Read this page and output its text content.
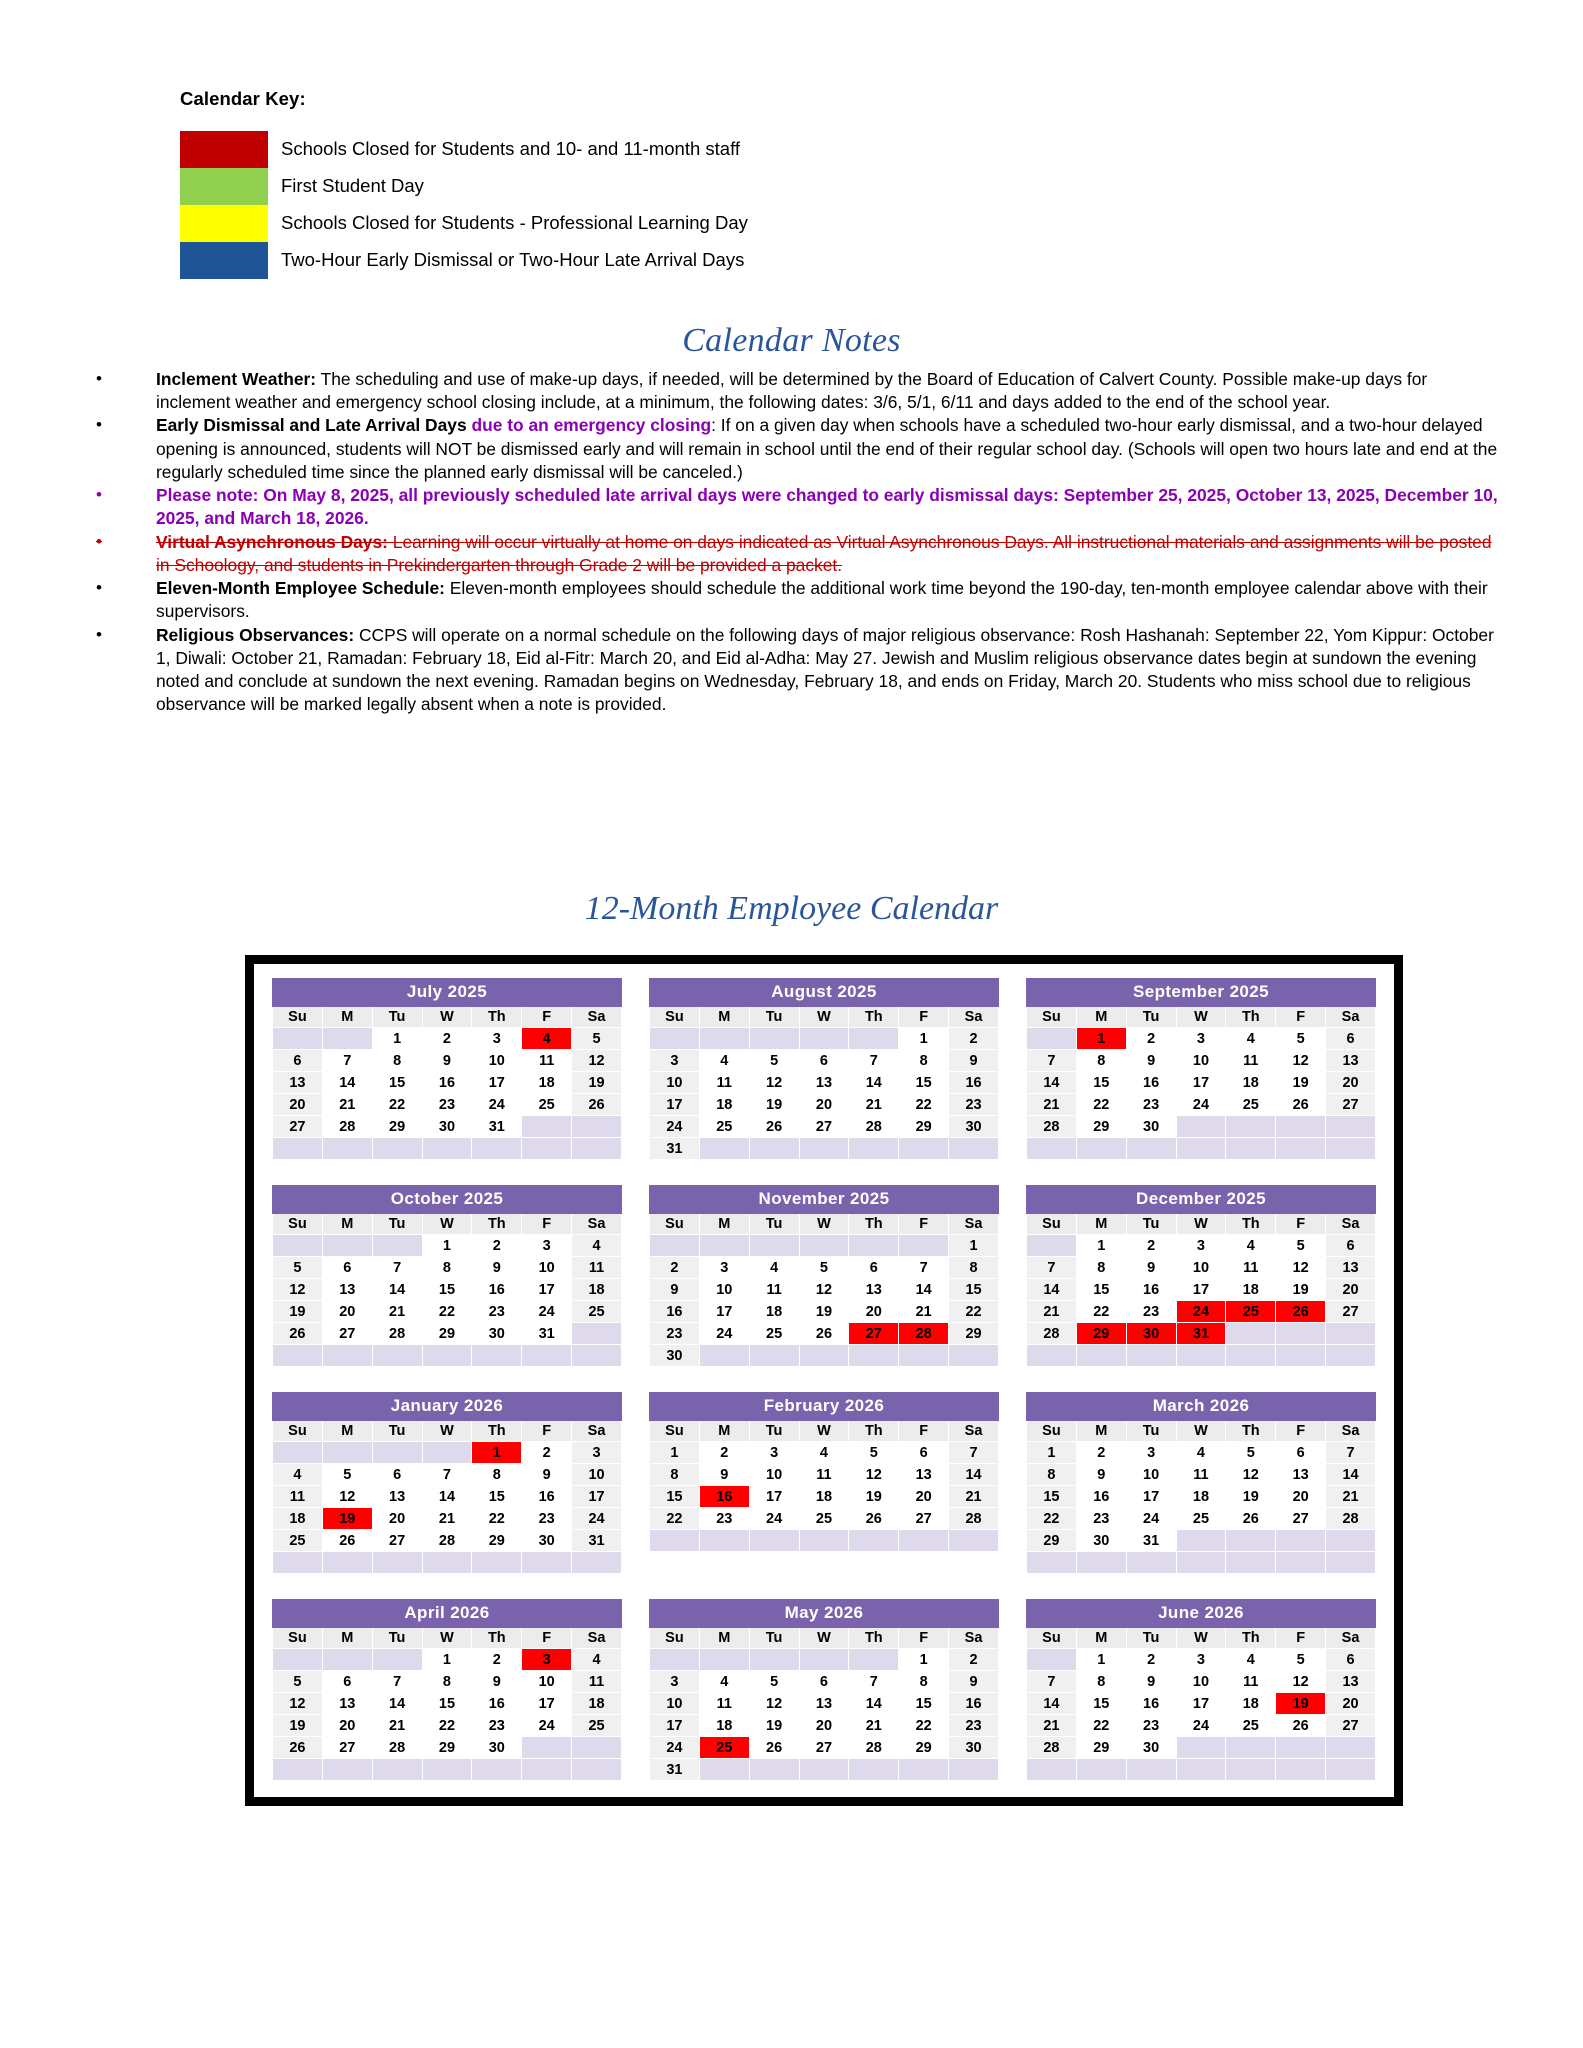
Calendar Key:
Schools Closed for Students and 10- and 11-month staff
First Student Day
Schools Closed for Students - Professional Learning Day
Two-Hour Early Dismissal or Two-Hour Late Arrival Days
Calendar Notes
•	Inclement Weather: The scheduling and use of make-up days, if needed, will be determined by the Board of Education of Calvert County. Possible make-up days for inclement weather and emergency school closing include, at a minimum, the following dates: 3/6, 5/1, 6/11 and days added to the end of the school year.
•	Early Dismissal and Late Arrival Days due to an emergency closing: If on a given day when schools have a scheduled two-hour early dismissal, and a two-hour delayed opening is announced, students will NOT be dismissed early and will remain in school until the end of their regular school day. (Schools will open two hours late and end at the regularly scheduled time since the planned early dismissal will be canceled.)
•	Please note: On May 8, 2025, all previously scheduled late arrival days were changed to early dismissal days: September 25, 2025, October 13, 2025, December 10, 2025, and March 18, 2026.
•	Virtual Asynchronous Days: Learning will occur virtually at home on days indicated as Virtual Asynchronous Days. All instructional materials and assignments will be posted in Schoology, and students in Prekindergarten through Grade 2 will be provided a packet.
•	Eleven-Month Employee Schedule: Eleven-month employees should schedule the additional work time beyond the 190-day, ten-month employee calendar above with their supervisors.
•	Religious Observances: CCPS will operate on a normal schedule on the following days of major religious observance: Rosh Hashanah: September 22, Yom Kippur: October 1, Diwali: October 21, Ramadan: February 18, Eid al-Fitr: March 20, and Eid al-Adha: May 27. Jewish and Muslim religious observance dates begin at sundown the evening noted and conclude at sundown the next evening. Ramadan begins on Wednesday, February 18, and ends on Friday, March 20. Students who miss school due to religious observance will be marked legally absent when a note is provided.
12-Month Employee Calendar
July 2025						
Su	M	Tu	W	Th	F	Sa
		1	2	3	4	5
6	7	8	9	10	11	12
13	14	15	16	17	18	19
20	21	22	23	24	25	26
27	28	29	30	31		

August 2025						
Su	M	Tu	W	Th	F	Sa
					1	2
3	4	5	6	7	8	9
10	11	12	13	14	15	16
17	18	19	20	21	22	23
24	25	26	27	28	29	30
31						
September 2025						
Su	M	Tu	W	Th	F	Sa
	1	2	3	4	5	6
7	8	9	10	11	12	13
14	15	16	17	18	19	20
21	22	23	24	25	26	27
28	29	30				

October 2025						
Su	M	Tu	W	Th	F	Sa
			1	2	3	4
5	6	7	8	9	10	11
12	13	14	15	16	17	18
19	20	21	22	23	24	25
26	27	28	29	30	31	

November 2025						
Su	M	Tu	W	Th	F	Sa
						1
2	3	4	5	6	7	8
9	10	11	12	13	14	15
16	17	18	19	20	21	22
23	24	25	26	27	28	29
30						
December 2025						
Su	M	Tu	W	Th	F	Sa
	1	2	3	4	5	6
7	8	9	10	11	12	13
14	15	16	17	18	19	20
21	22	23	24	25	26	27
28	29	30	31			

January 2026						
Su	M	Tu	W	Th	F	Sa
				1	2	3
4	5	6	7	8	9	10
11	12	13	14	15	16	17
18	19	20	21	22	23	24
25	26	27	28	29	30	31

February 2026						
Su	M	Tu	W	Th	F	Sa
1	2	3	4	5	6	7
8	9	10	11	12	13	14
15	16	17	18	19	20	21
22	23	24	25	26	27	28

March 2026						
Su	M	Tu	W	Th	F	Sa
1	2	3	4	5	6	7
8	9	10	11	12	13	14
15	16	17	18	19	20	21
22	23	24	25	26	27	28
29	30	31				

April 2026						
Su	M	Tu	W	Th	F	Sa
			1	2	3	4
5	6	7	8	9	10	11
12	13	14	15	16	17	18
19	20	21	22	23	24	25
26	27	28	29	30		

May 2026						
Su	M	Tu	W	Th	F	Sa
					1	2
3	4	5	6	7	8	9
10	11	12	13	14	15	16
17	18	19	20	21	22	23
24	25	26	27	28	29	30
31						
June 2026						
Su	M	Tu	W	Th	F	Sa
	1	2	3	4	5	6
7	8	9	10	11	12	13
14	15	16	17	18	19	20
21	22	23	24	25	26	27
28	29	30				
